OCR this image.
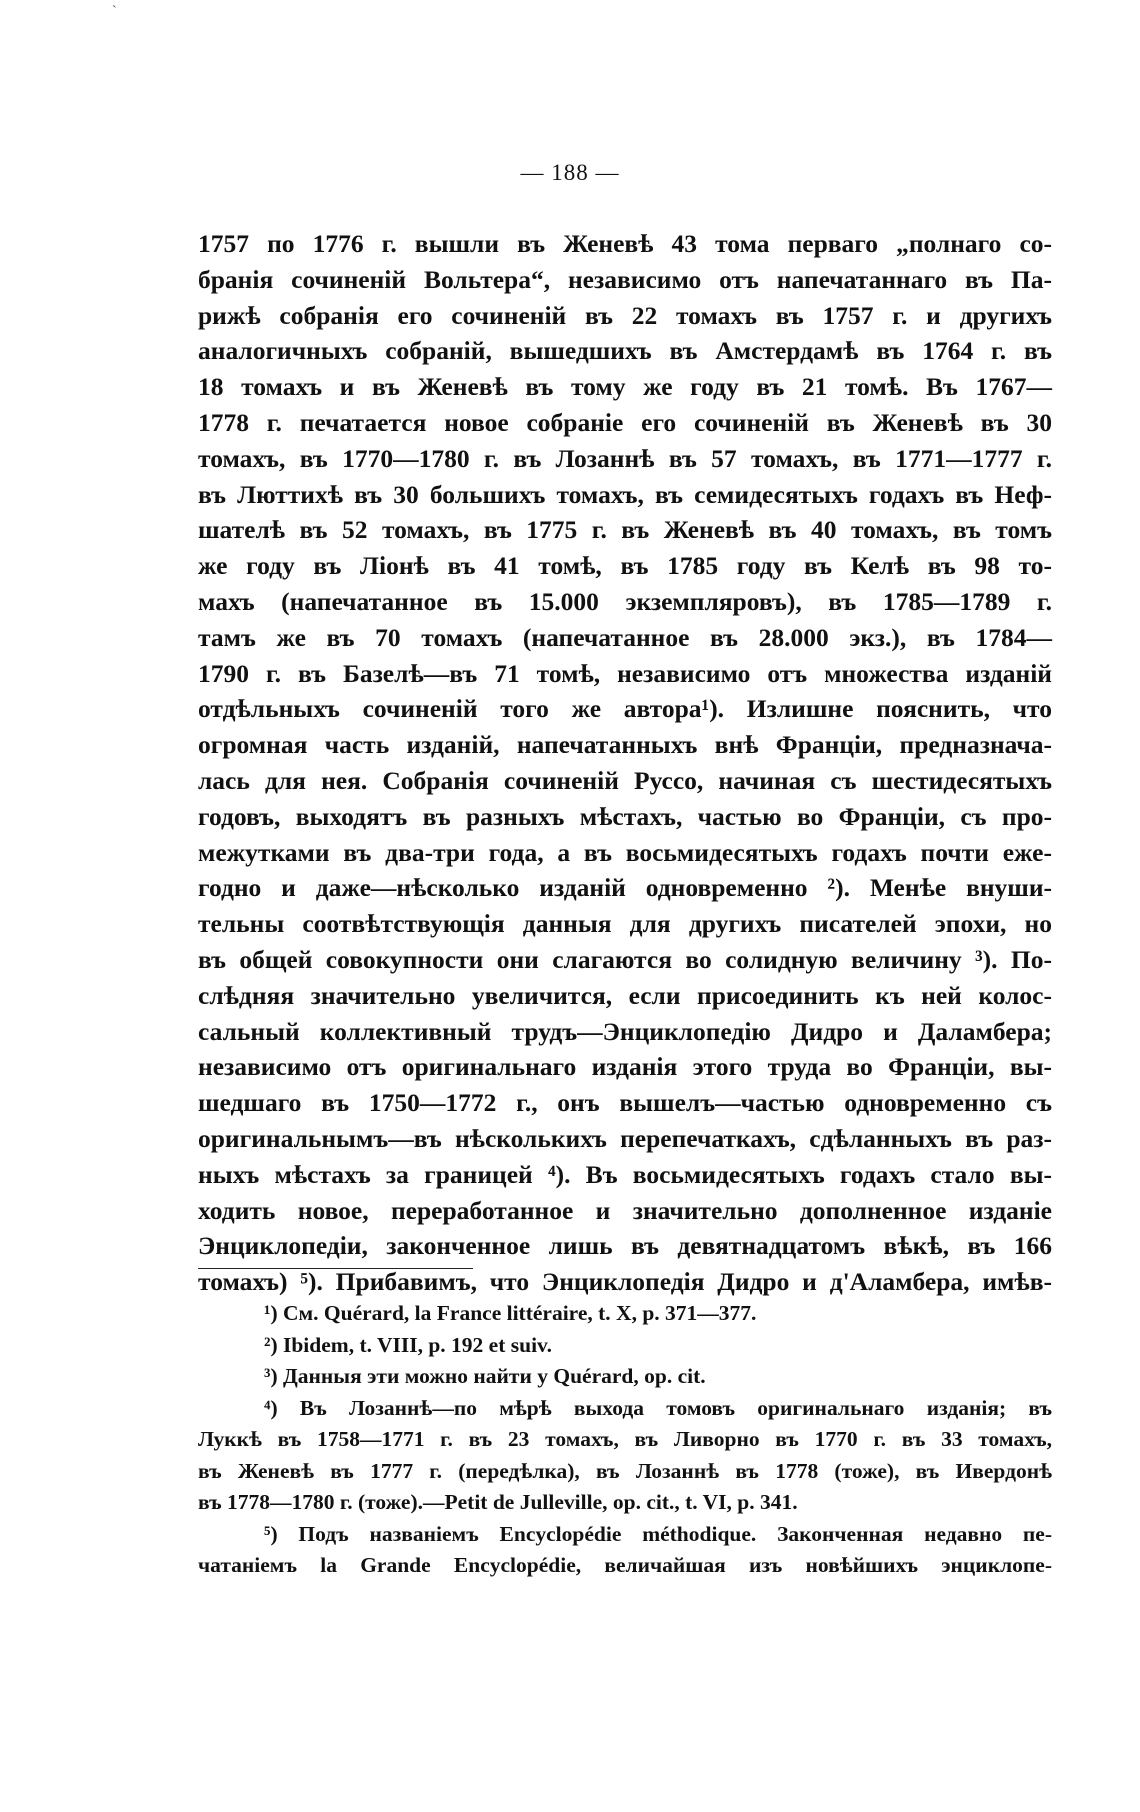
`
— 188 —
1757 по 1776 г. вышли въ Женевѣ 43 тома перваго „полнаго со-
бранія сочиненій Вольтера“, независимо отъ напечатаннаго въ Па-
рижѣ собранія его сочиненій въ 22 томахъ въ 1757 г. и другихъ
аналогичныхъ собраній, вышедшихъ въ Амстердамѣ въ 1764 г. въ
18 томахъ и въ Женевѣ въ тому же году въ 21 томѣ. Въ 1767—
1778 г. печатается новое собраніе его сочиненій въ Женевѣ въ 30
томахъ, въ 1770—1780 г. въ Лозаннѣ въ 57 томахъ, въ 1771—1777 г.
въ Люттихѣ въ 30 большихъ томахъ, въ семидесятыхъ годахъ въ Неф-
шателѣ въ 52 томахъ, въ 1775 г. въ Женевѣ въ 40 томахъ, въ томъ
же году въ Ліонѣ въ 41 томѣ, въ 1785 году въ Келѣ въ 98 то-
махъ (напечатанное въ 15.000 экземпляровъ), въ 1785—1789 г.
тамъ же въ 70 томахъ (напечатанное въ 28.000 экз.), въ 1784—
1790 г. въ Базелѣ—въ 71 томѣ, независимо отъ множества изданій
отдѣльныхъ сочиненій того же автора¹). Излишне пояснить, что
огромная часть изданій, напечатанныхъ внѣ Франціи, предназнача-
лась для нея. Собранія сочиненій Руссо, начиная съ шестидесятыхъ
годовъ, выходятъ въ разныхъ мѣстахъ, частью во Франціи, съ про-
межутками въ два-три года, а въ восьмидесятыхъ годахъ почти еже-
годно и даже—нѣсколько изданій одновременно ²). Менѣе внуши-
тельны соотвѣтствующія данныя для другихъ писателей эпохи, но
въ общей совокупности они слагаются во солидную величину ³). По-
слѣдняя значительно увеличится, если присоединить къ ней колос-
сальный коллективный трудъ—Энциклопедію Дидро и Даламбера;
независимо отъ оригинальнаго изданія этого труда во Франціи, вы-
шедшаго въ 1750—1772 г., онъ вышелъ—частью одновременно съ
оригинальнымъ—въ нѣсколькихъ перепечаткахъ, сдѣланныхъ въ раз-
ныхъ мѣстахъ за границей ⁴). Въ восьмидесятыхъ годахъ стало вы-
ходить новое, переработанное и значительно дополненное изданіе
Энциклопедіи, законченное лишь въ девятнадцатомъ вѣкѣ, въ 166
томахъ) ⁵). Прибавимъ, что Энциклопедія Дидро и д'Аламбера, имѣв-
¹) См. Quérard, la France littéraire, t. X, p. 371—377.
²) Ibidem, t. VIII, p. 192 et suiv.
³) Данныя эти можно найти у Quérard, op. cit.
⁴) Въ Лозаннѣ—по мѣрѣ выхода томовъ оригинальнаго изданія; въ
Луккѣ въ 1758—1771 г. въ 23 томахъ, въ Ливорно въ 1770 г. въ 33 томахъ,
въ Женевѣ въ 1777 г. (передѣлка), въ Лозаннѣ въ 1778 (тоже), въ Ивердонѣ
въ 1778—1780 г. (тоже).—Petit de Julleville, op. cit., t. VI, p. 341.
⁵) Подъ названіемъ Encyclopédie méthodique. Законченная недавно пе-
чатаніемъ la Grande Encyclopédie, величайшая изъ новѣйшихъ энциклопе-
